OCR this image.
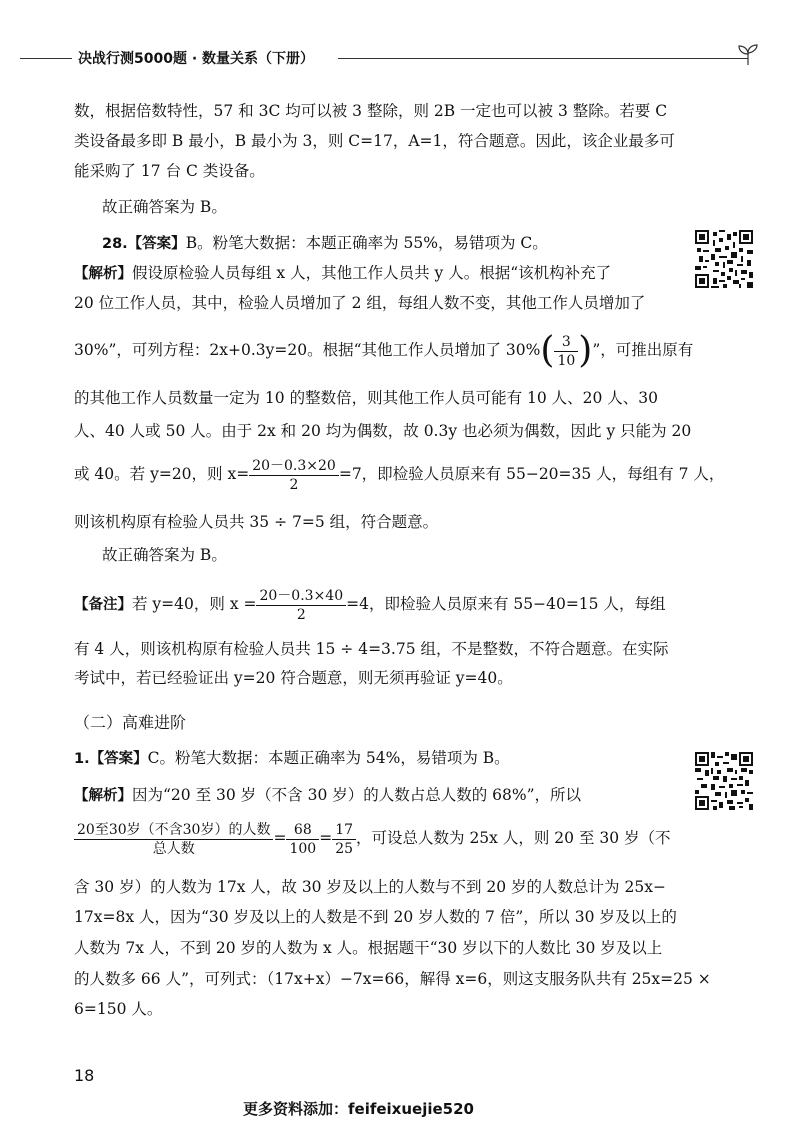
决战行测5000题 · 数量关系（下册）

数，根据倍数特性，57 和 3C 均可以被 3 整除，则 2B 一定也可以被 3 整除。若要 C

类设备最多即 B 最小，B 最小为 3，则 C=17，A=1，符合题意。因此，该企业最多可

能采购了 17 台 C 类设备。

故正确答案为 B。

28.【答案】B。粉笔大数据：本题正确率为 55%，易错项为 C。

【解析】假设原检验人员每组 x 人，其他工作人员共 y 人。根据“该机构补充了

20 位工作人员，其中，检验人员增加了 2 组，每组人数不变，其他工作人员增加了

30%”，可列方程：2x+0.3y=20。根据“其他工作人员增加了 $30\%( \frac{3}{10}$ )”，可推出原有

的其他工作人员数量一定为 10 的整数倍，则其他工作人员可能有 10 人、20 人、30

人、40 人或 50 人。由于 2x 和 20 均为偶数，故 0.3y 也必须为偶数，因此 y 只能为 20

或 40。若 y=20，则 $x= \frac{20-0.3\times 20}{2} =7$，即检验人员原来有 55−20=35 人，每组有 7 人，

则该机构原有检验人员共 35 ÷ 7=5 组，符合题意。

故正确答案为 B。

【备注】若 y=40，则 $x = \frac{20-0.3\times 40}{2} =4$，即检验人员原来有 55−40=15 人，每组

有 4 人，则该机构原有检验人员共 15 ÷ 4=3.75 组，不是整数，不符合题意。在实际

考试中，若已经验证出 y=20 符合题意，则无须再验证 y=40。

（二）高难进阶

1.【答案】C。粉笔大数据：本题正确率为 54%，易错项为 B。

【解析】因为“20 至 30 岁（不含 30 岁）的人数占总人数的 68%”，所以

$\frac{\text{20至30岁（不含30岁）的人数}}{\text{总人数}} = \frac{68}{100} = \frac{17}{25}$ ，可设总人数为 25x 人，则 20 至 30 岁（不

含 30 岁）的人数为 17x 人，故 30 岁及以上的人数与不到 20 岁的人数总计为 25x−

17x=8x 人，因为“30 岁及以上的人数是不到 20 岁人数的 7 倍”，所以 30 岁及以上的

人数为 7x 人，不到 20 岁的人数为 x 人。根据题干“30 岁以下的人数比 30 岁及以上

的人数多 66 人”，可列式：（17x+x）−7x=66，解得 x=6，则这支服务队共有 25x=25 ×

6=150 人。

18
更多资料添加：feifeixuejie520
